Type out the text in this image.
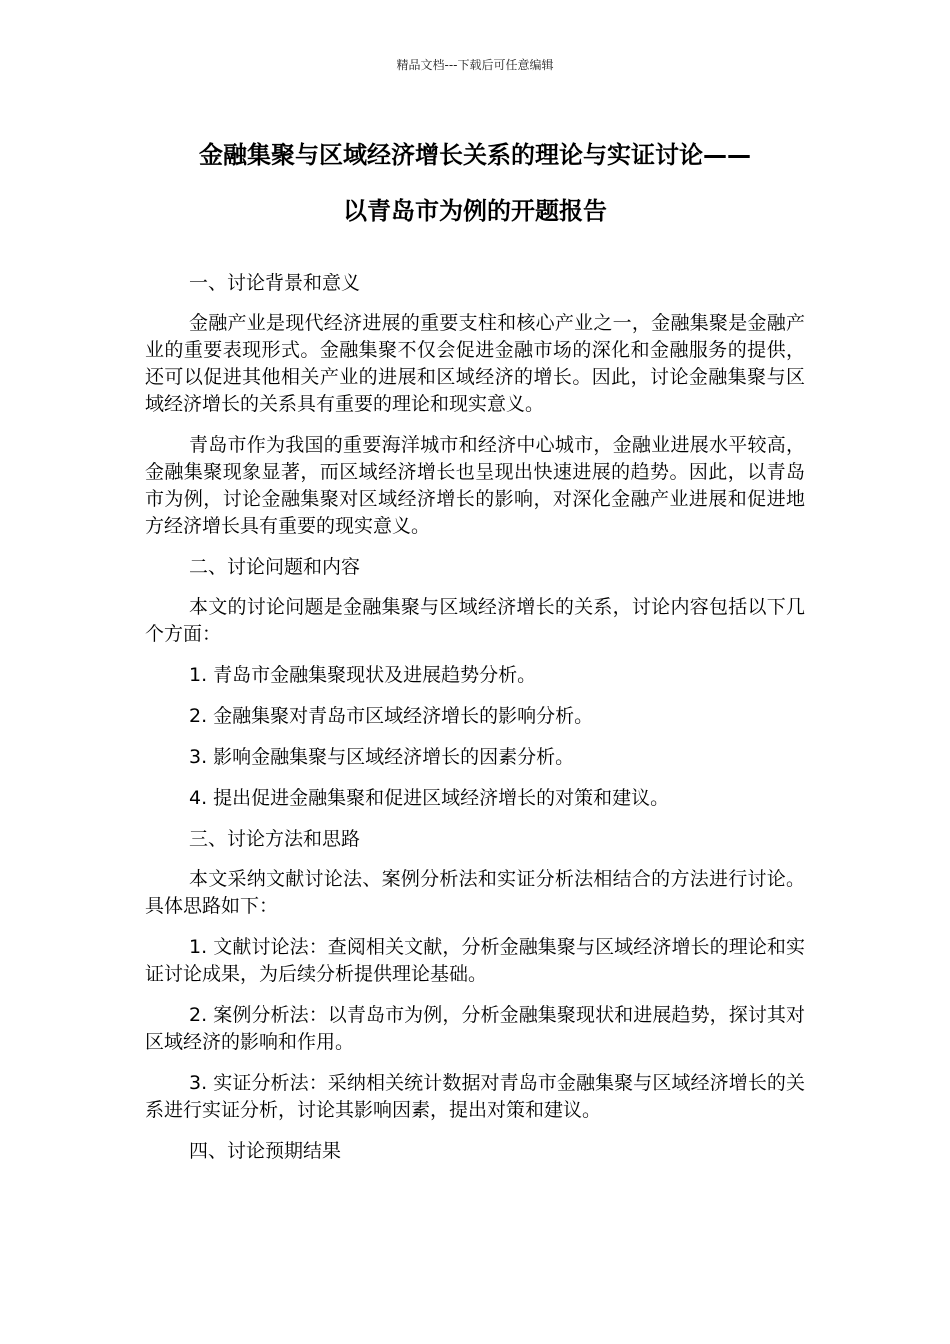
精品文档---下载后可任意编辑
金融集聚与区域经济增长关系的理论与实证讨论——
以青岛市为例的开题报告

一、讨论背景和意义

金融产业是现代经济进展的重要支柱和核心产业之一，金融集聚是金融产业的重要表现形式。金融集聚不仅会促进金融市场的深化和金融服务的提供，还可以促进其他相关产业的进展和区域经济的增长。因此，讨论金融集聚与区域经济增长的关系具有重要的理论和现实意义。

青岛市作为我国的重要海洋城市和经济中心城市，金融业进展水平较高，金融集聚现象显著，而区域经济增长也呈现出快速进展的趋势。因此，以青岛市为例，讨论金融集聚对区域经济增长的影响，对深化金融产业进展和促进地方经济增长具有重要的现实意义。

二、讨论问题和内容

本文的讨论问题是金融集聚与区域经济增长的关系，讨论内容包括以下几个方面：

1. 青岛市金融集聚现状及进展趋势分析。

2. 金融集聚对青岛市区域经济增长的影响分析。

3. 影响金融集聚与区域经济增长的因素分析。

4. 提出促进金融集聚和促进区域经济增长的对策和建议。

三、讨论方法和思路

本文采纳文献讨论法、案例分析法和实证分析法相结合的方法进行讨论。具体思路如下：

1. 文献讨论法：查阅相关文献，分析金融集聚与区域经济增长的理论和实证讨论成果，为后续分析提供理论基础。

2. 案例分析法：以青岛市为例，分析金融集聚现状和进展趋势，探讨其对区域经济的影响和作用。

3. 实证分析法：采纳相关统计数据对青岛市金融集聚与区域经济增长的关系进行实证分析，讨论其影响因素，提出对策和建议。

四、讨论预期结果
